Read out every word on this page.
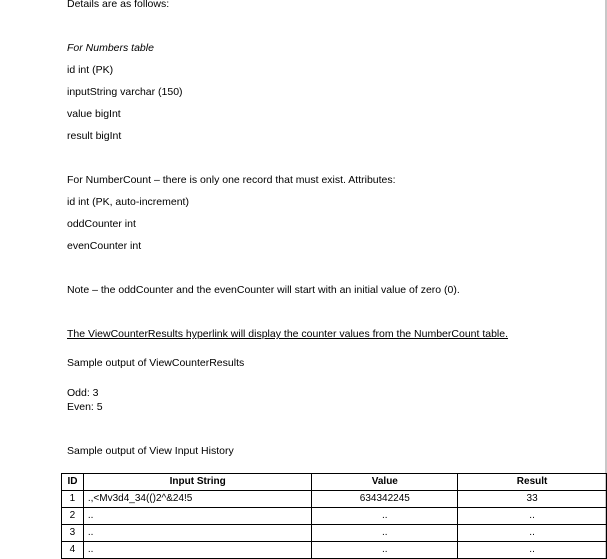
Details are as follows:
For Numbers table
id int (PK)
inputString varchar (150)
value bigInt
result bigInt
For NumberCount – there is only one record that must exist. Attributes:
id int (PK, auto-increment)
oddCounter int
evenCounter int
Note – the oddCounter and the evenCounter will start with an initial value of zero (0).
The ViewCounterResults hyperlink will display the counter values from the NumberCount table.
Sample output of ViewCounterResults
Odd: 3
Even: 5
Sample output of View Input History
ID	Input String	Value	Result
1	.,<Mv3d4_34(()2^&24!5	634342245	33
2	..	..	..
3	..	..	..
4	..	..	..
